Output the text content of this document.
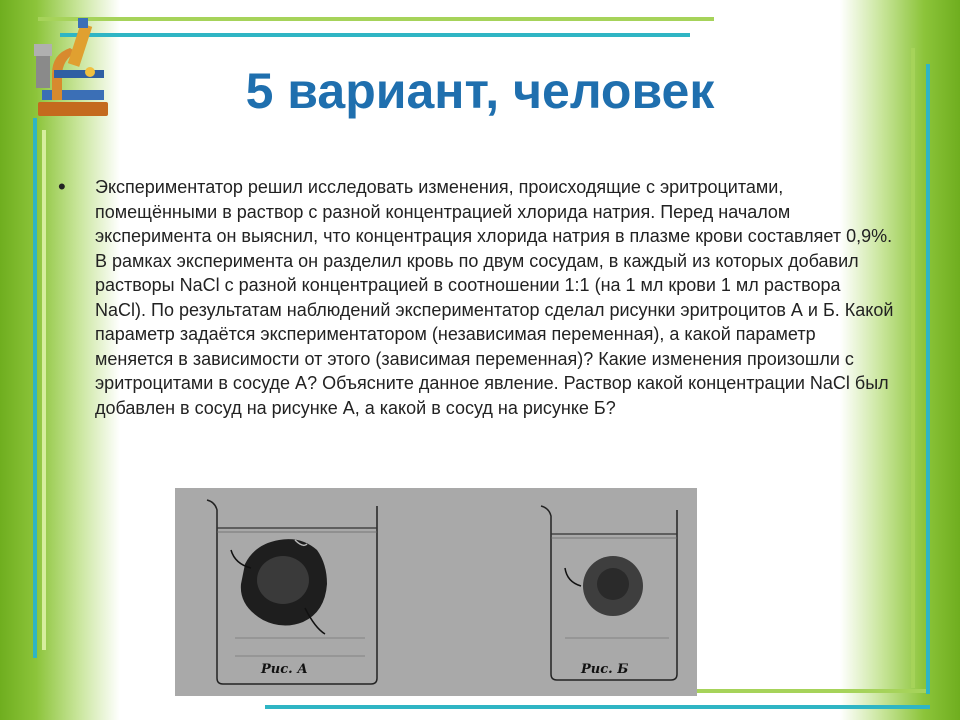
5 вариант, человек
• Экспериментатор решил исследовать изменения, происходящие с эритроцитами, помещёнными в раствор с разной концентрацией хлорида натрия. Перед началом эксперимента он выяснил, что концентрация хлорида натрия в плазме крови составляет 0,9%. В рамках эксперимента он разделил кровь по двум сосудам, в каждый из которых добавил растворы NaCl с разной концентрацией в соотношении 1:1 (на 1 мл крови 1 мл раствора NaCl). По результатам наблюдений экспериментатор сделал рисунки эритроцитов А и Б. Какой параметр задаётся экспериментатором (независимая переменная), а какой параметр меняется в зависимости от этого (зависимая переменная)? Какие изменения произошли с эритроцитами в сосуде А? Объясните данное явление. Раствор какой концентрации NaCl был добавлен в сосуд на рисунке А, а какой в сосуд на рисунке Б?

Рис. А	Рис. Б
